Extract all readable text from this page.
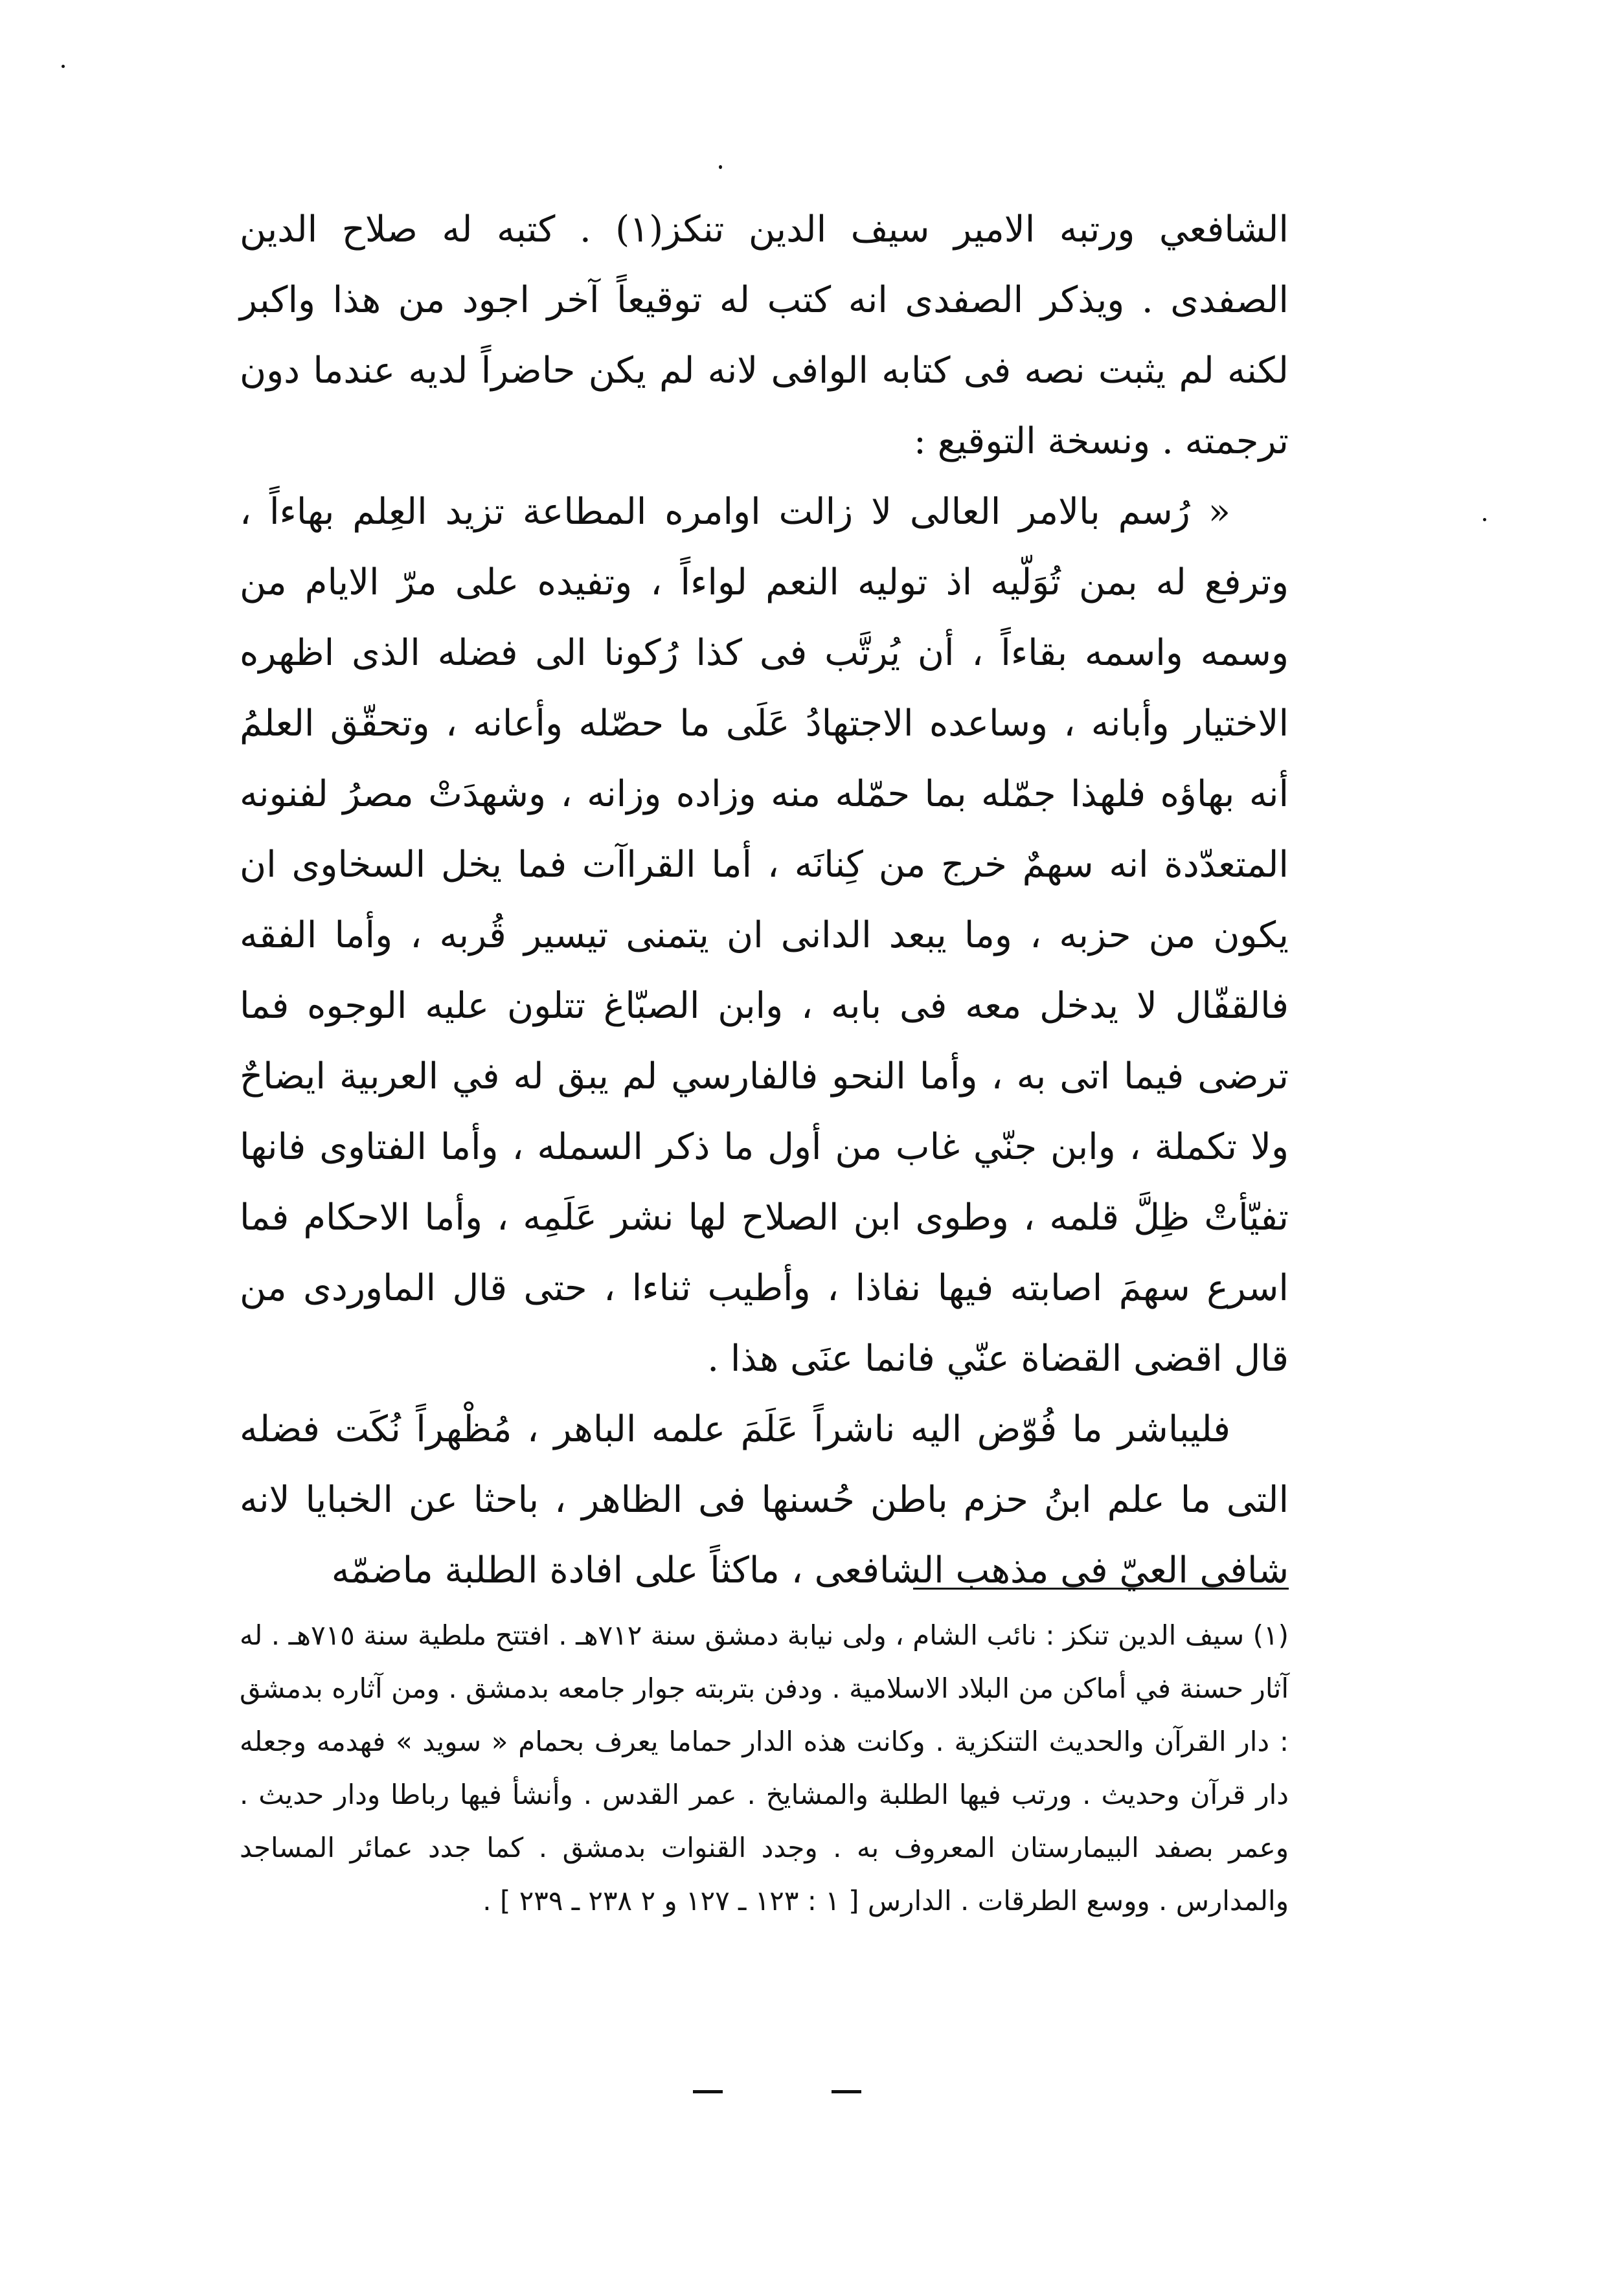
الشافعي ورتبه الامير سيف الدين تنكز(١) . كتبه له صلاح الدين الصفدى . ويذكر الصفدى انه كتب له توقيعاً آخر اجود من هذا واكبر لكنه لم يثبت نصه فى كتابه الوافى لانه لم يكن حاضراً لديه عندما دون ترجمته . ونسخة التوقيع :

« رُسم بالامر العالى لا زالت اوامره المطاعة تزيد العِلم بهاءاً ، وترفع له بمن تُوَلّيه اذ توليه النعم لواءاً ، وتفيده على مرّ الايام من وسمه واسمه بقاءاً ، أن يُرتَّب فى كذا رُكونا الى فضله الذى اظهره الاختيار وأبانه ، وساعده الاجتهادُ عَلَى ما حصّله وأعانه ، وتحقّق العلمُ أنه بهاؤه فلهذا جمّله بما حمّله منه وزاده وزانه ، وشهدَتْ مصرُ لفنونه المتعدّدة انه سهمٌ خرج من كِنانَه ، أما القراآت فما يخل السخاوى ان يكون من حزبه ، وما يبعد الدانى ان يتمنى تيسير قُربه ، وأما الفقه فالقفّال لا يدخل معه فى بابه ، وابن الصبّاغ تتلون عليه الوجوه فما ترضى فيما اتى به ، وأما النحو فالفارسي لم يبق له في العربية ايضاحٌ ولا تكملة ، وابن جنّي غاب من أول ما ذكر السمله ، وأما الفتاوى فانها تفيّأتْ ظِلَّ قلمه ، وطوى ابن الصلاح لها نشر عَلَمِه ، وأما الاحكام فما اسرع سهمَ اصابته فيها نفاذا ، وأطيب ثناءا ، حتى قال الماوردى من قال اقضى القضاة عنّي فانما عنَى هذا .

فليباشر ما فُوّض اليه ناشراً عَلَمَ علمه الباهر ، مُظْهراً نُكَت فضله التى ما علم ابنُ حزم باطن حُسنها فى الظاهر ، باحثا عن الخبايا لانه شافى العيّ فى مذهب الشافعى ، ماكثاً على افادة الطلبة ماضمّه

(١) سيف الدين تنكز : نائب الشام ، ولى نيابة دمشق سنة ٧١٢هـ . افتتح ملطية سنة ٧١٥هـ . له آثار حسنة في أماكن من البلاد الاسلامية . ودفن بتربته جوار جامعه بدمشق . ومن آثاره بدمشق : دار القرآن والحديث التنكزية . وكانت هذه الدار حماما يعرف بحمام « سويد » فهدمه وجعله دار قرآن وحديث . ورتب فيها الطلبة والمشايخ . عمر القدس . وأنشأ فيها رباطا ودار حديث . وعمر بصفد البيمارستان المعروف به . وجدد القنوات بدمشق . كما جدد عمائر المساجد والمدارس . ووسع الطرقات . الدارس [ ١ : ١٢٣ ـ ١٢٧ و ٢ ٢٣٨ ـ ٢٣٩ ] .
